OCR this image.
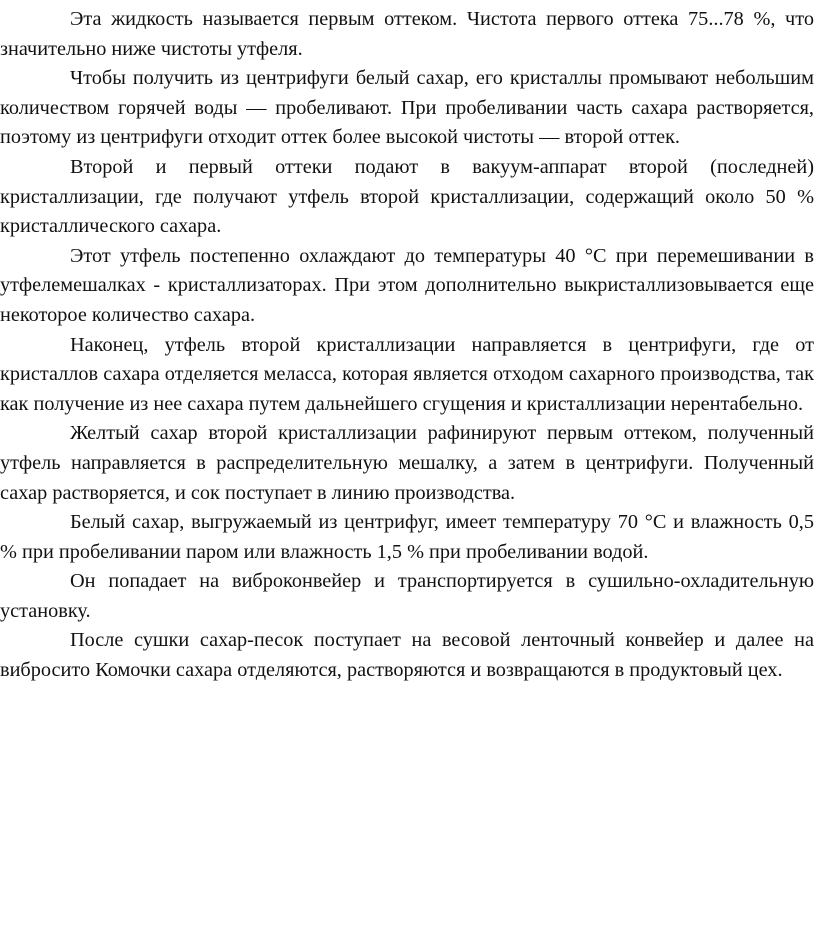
Эта жидкость называется первым оттеком. Чистота первого оттека 75...78 %, что значительно ниже чистоты утфеля.

Чтобы получить из центрифуги белый сахар, его кристаллы промывают небольшим количеством горячей воды — пробеливают. При пробеливании часть сахара растворяется, поэтому из центрифуги отходит оттек более высокой чистоты — второй оттек.

Второй и первый оттеки подают в вакуум-аппарат второй (последней) кристаллизации, где получают утфель второй кристаллизации, содержащий около 50 % кристаллического сахара.

Этот утфель постепенно охлаждают до температуры 40 °С при перемешивании в утфелемешалках - кристаллизаторах. При этом дополнительно выкристаллизовывается еще некоторое количество сахара.

Наконец, утфель второй кристаллизации направляется в центрифуги, где от кристаллов сахара отделяется меласса, которая является отходом сахарного производства, так как получение из нее сахара путем дальнейшего сгущения и кристаллизации нерентабельно.

Желтый сахар второй кристаллизации рафинируют первым оттеком, полученный утфель направляется в распределительную мешалку, а затем в центрифуги. Полученный сахар растворяется, и сок поступает в линию производства.

Белый сахар, выгружаемый из центрифуг, имеет температуру 70 °С и влажность 0,5 % при пробеливании паром или влажность 1,5 % при пробеливании водой.

Он попадает на виброконвейер и транспортируется в сушильно-охладительную установку.

После сушки сахар-песок поступает на весовой ленточный конвейер и далее на вибросито Комочки сахара отделяются, растворяются и возвращаются в продуктовый цех.
